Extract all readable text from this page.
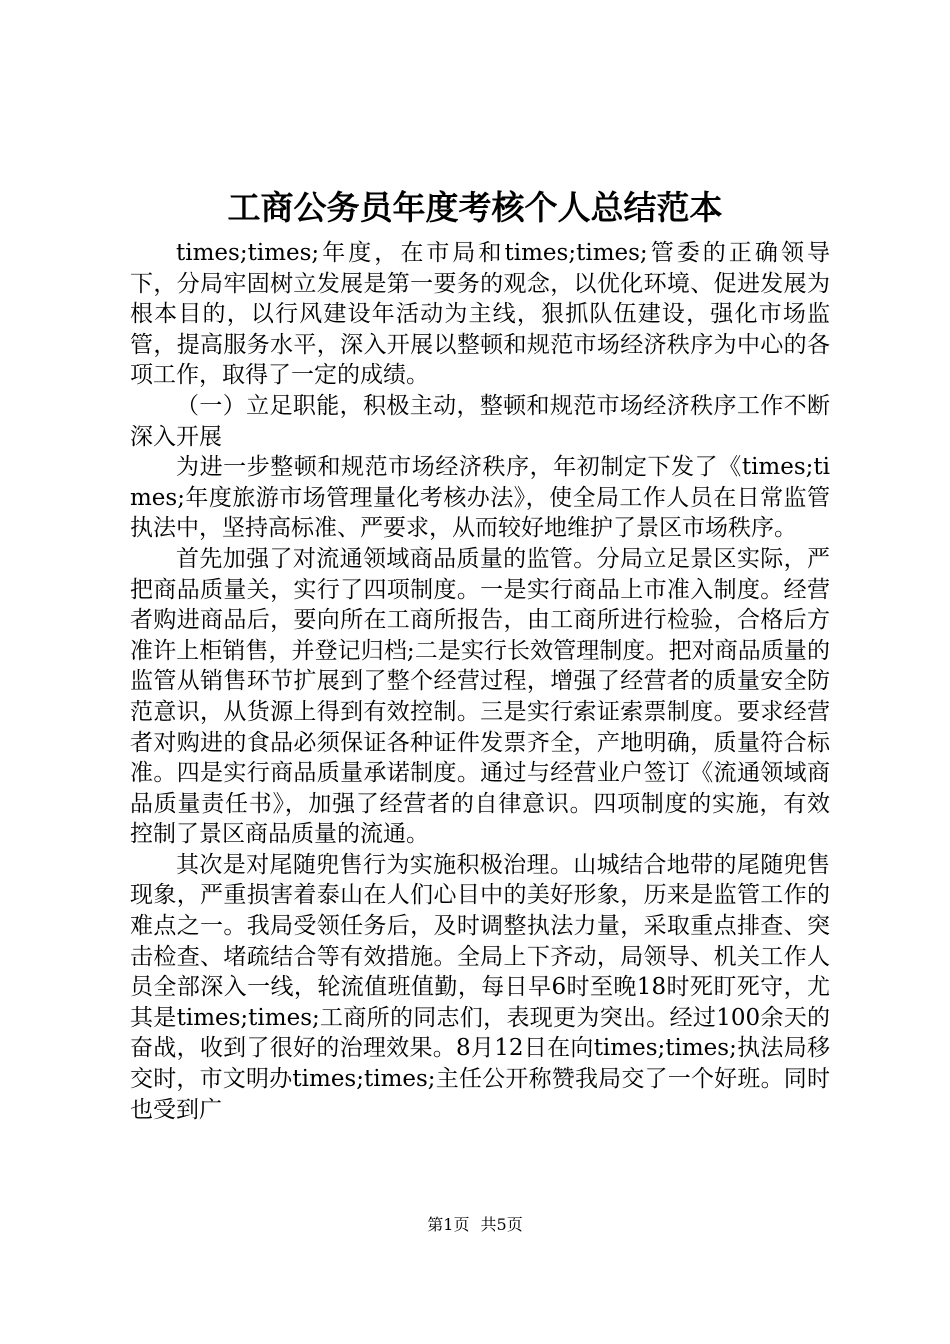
工商公务员年度考核个人总结范本

times;times;年度，在市局和times;times;管委的正确领导下，分局牢固树立发展是第一要务的观念，以优化环境、促进发展为根本目的，以行风建设年活动为主线，狠抓队伍建设，强化市场监管，提高服务水平，深入开展以整顿和规范市场经济秩序为中心的各项工作，取得了一定的成绩。

（一）立足职能，积极主动，整顿和规范市场经济秩序工作不断深入开展

为进一步整顿和规范市场经济秩序，年初制定下发了《times;times;年度旅游市场管理量化考核办法》，使全局工作人员在日常监管执法中，坚持高标准、严要求，从而较好地维护了景区市场秩序。

首先加强了对流通领域商品质量的监管。分局立足景区实际，严把商品质量关，实行了四项制度。一是实行商品上市准入制度。经营者购进商品后，要向所在工商所报告，由工商所进行检验，合格后方准许上柜销售，并登记归档;二是实行长效管理制度。把对商品质量的监管从销售环节扩展到了整个经营过程，增强了经营者的质量安全防范意识，从货源上得到有效控制。三是实行索证索票制度。要求经营者对购进的食品必须保证各种证件发票齐全，产地明确，质量符合标准。四是实行商品质量承诺制度。通过与经营业户签订《流通领域商品质量责任书》，加强了经营者的自律意识。四项制度的实施，有效控制了景区商品质量的流通。

其次是对尾随兜售行为实施积极治理。山城结合地带的尾随兜售现象，严重损害着泰山在人们心目中的美好形象，历来是监管工作的难点之一。我局受领任务后，及时调整执法力量，采取重点排查、突击检查、堵疏结合等有效措施。全局上下齐动，局领导、机关工作人员全部深入一线，轮流值班值勤，每日早6时至晚18时死盯死守，尤其是times;times;工商所的同志们，表现更为突出。经过100余天的奋战，收到了很好的治理效果。8月12日在向times;times;执法局移交时，市文明办times;times;主任公开称赞我局交了一个好班。同时也受到广

第1页 共5页
